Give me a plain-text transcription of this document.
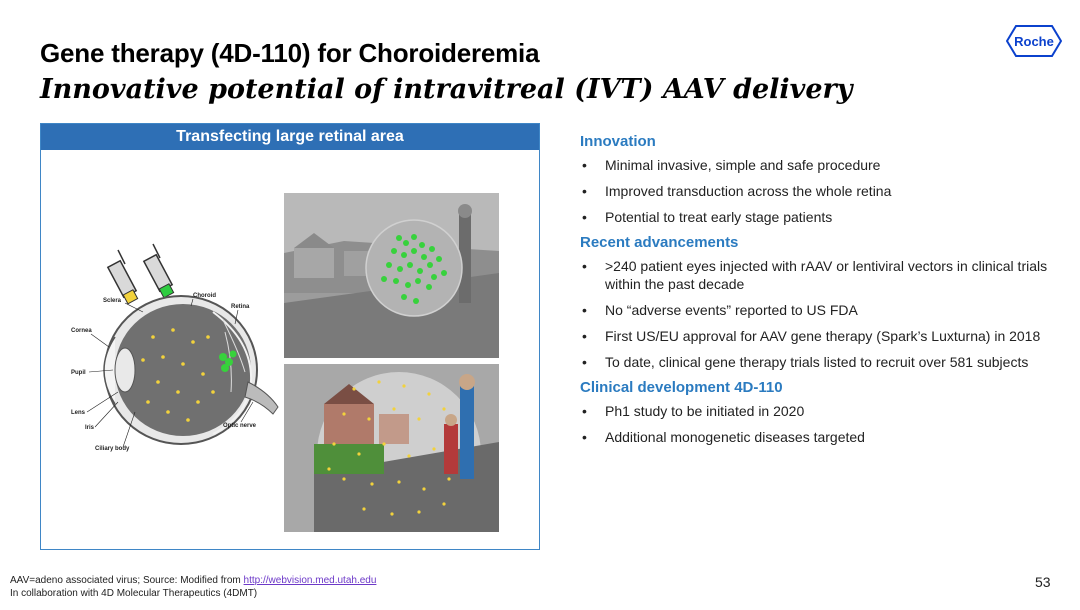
Gene therapy (4D-110) for Choroideremia
Innovative potential of intravitreal (IVT) AAV delivery
Roche
Transfecting large retinal area
Sclera
Choroid
Retina
Cornea
Pupil
Lens
Iris
Ciliary body
Optic nerve
Innovation
• Minimal invasive, simple and safe procedure
• Improved transduction across the whole retina
• Potential to treat early stage patients
Recent advancements
• >240 patient eyes injected with rAAV or lentiviral vectors in clinical trials within the past decade
• No “adverse events” reported to US FDA
• First US/EU approval for AAV gene therapy (Spark’s Luxturna) in 2018
• To date, clinical gene therapy trials listed to recruit over 581 subjects
Clinical development 4D-110
• Ph1 study to be initiated in 2020
• Additional monogenetic diseases targeted
AAV=adeno associated virus; Source: Modified from http://webvision.med.utah.edu
In collaboration with 4D Molecular Therapeutics (4DMT)
53
